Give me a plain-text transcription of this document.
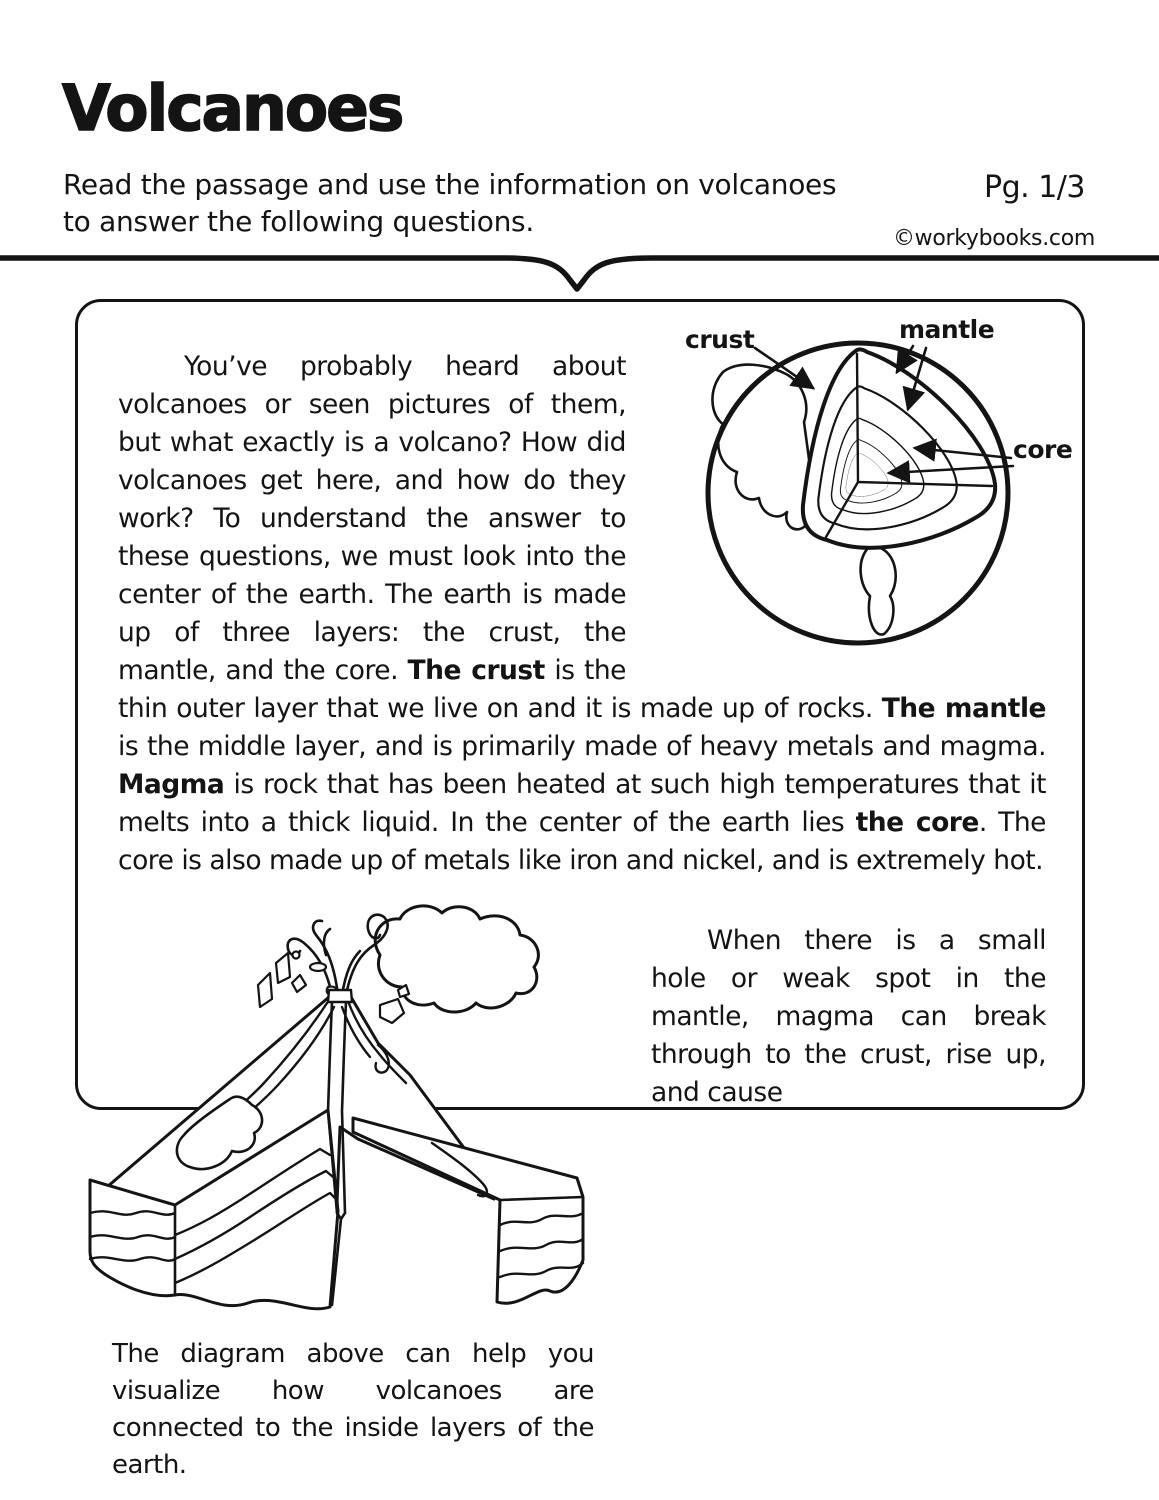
Volcanoes
Read the passage and use the information on volcanoes
to answer the following questions.
Pg. 1/3
©workybooks.com

You’ve probably heard about volcanoes or seen pictures of them, but what exactly is a volcano? How did volcanoes get here, and how do they work? To understand the answer to these questions, we must look into the center of the earth. The earth is made up of three layers: the crust, the mantle, and the core. The crust is the thin outer layer that we live on and it is made up of rocks. The mantle is the middle layer, and is primarily made of heavy metals and magma. Magma is rock that has been heated at such high temperatures that it melts into a thick liquid. In the center of the earth lies the core. The core is also made up of metals like iron and nickel, and is extremely hot.

When there is a small hole or weak spot in the mantle, magma can break through to the crust, rise up, and cause

crust	mantle
core
The diagram above can help you visualize how volcanoes are connected to the inside layers of the earth.
